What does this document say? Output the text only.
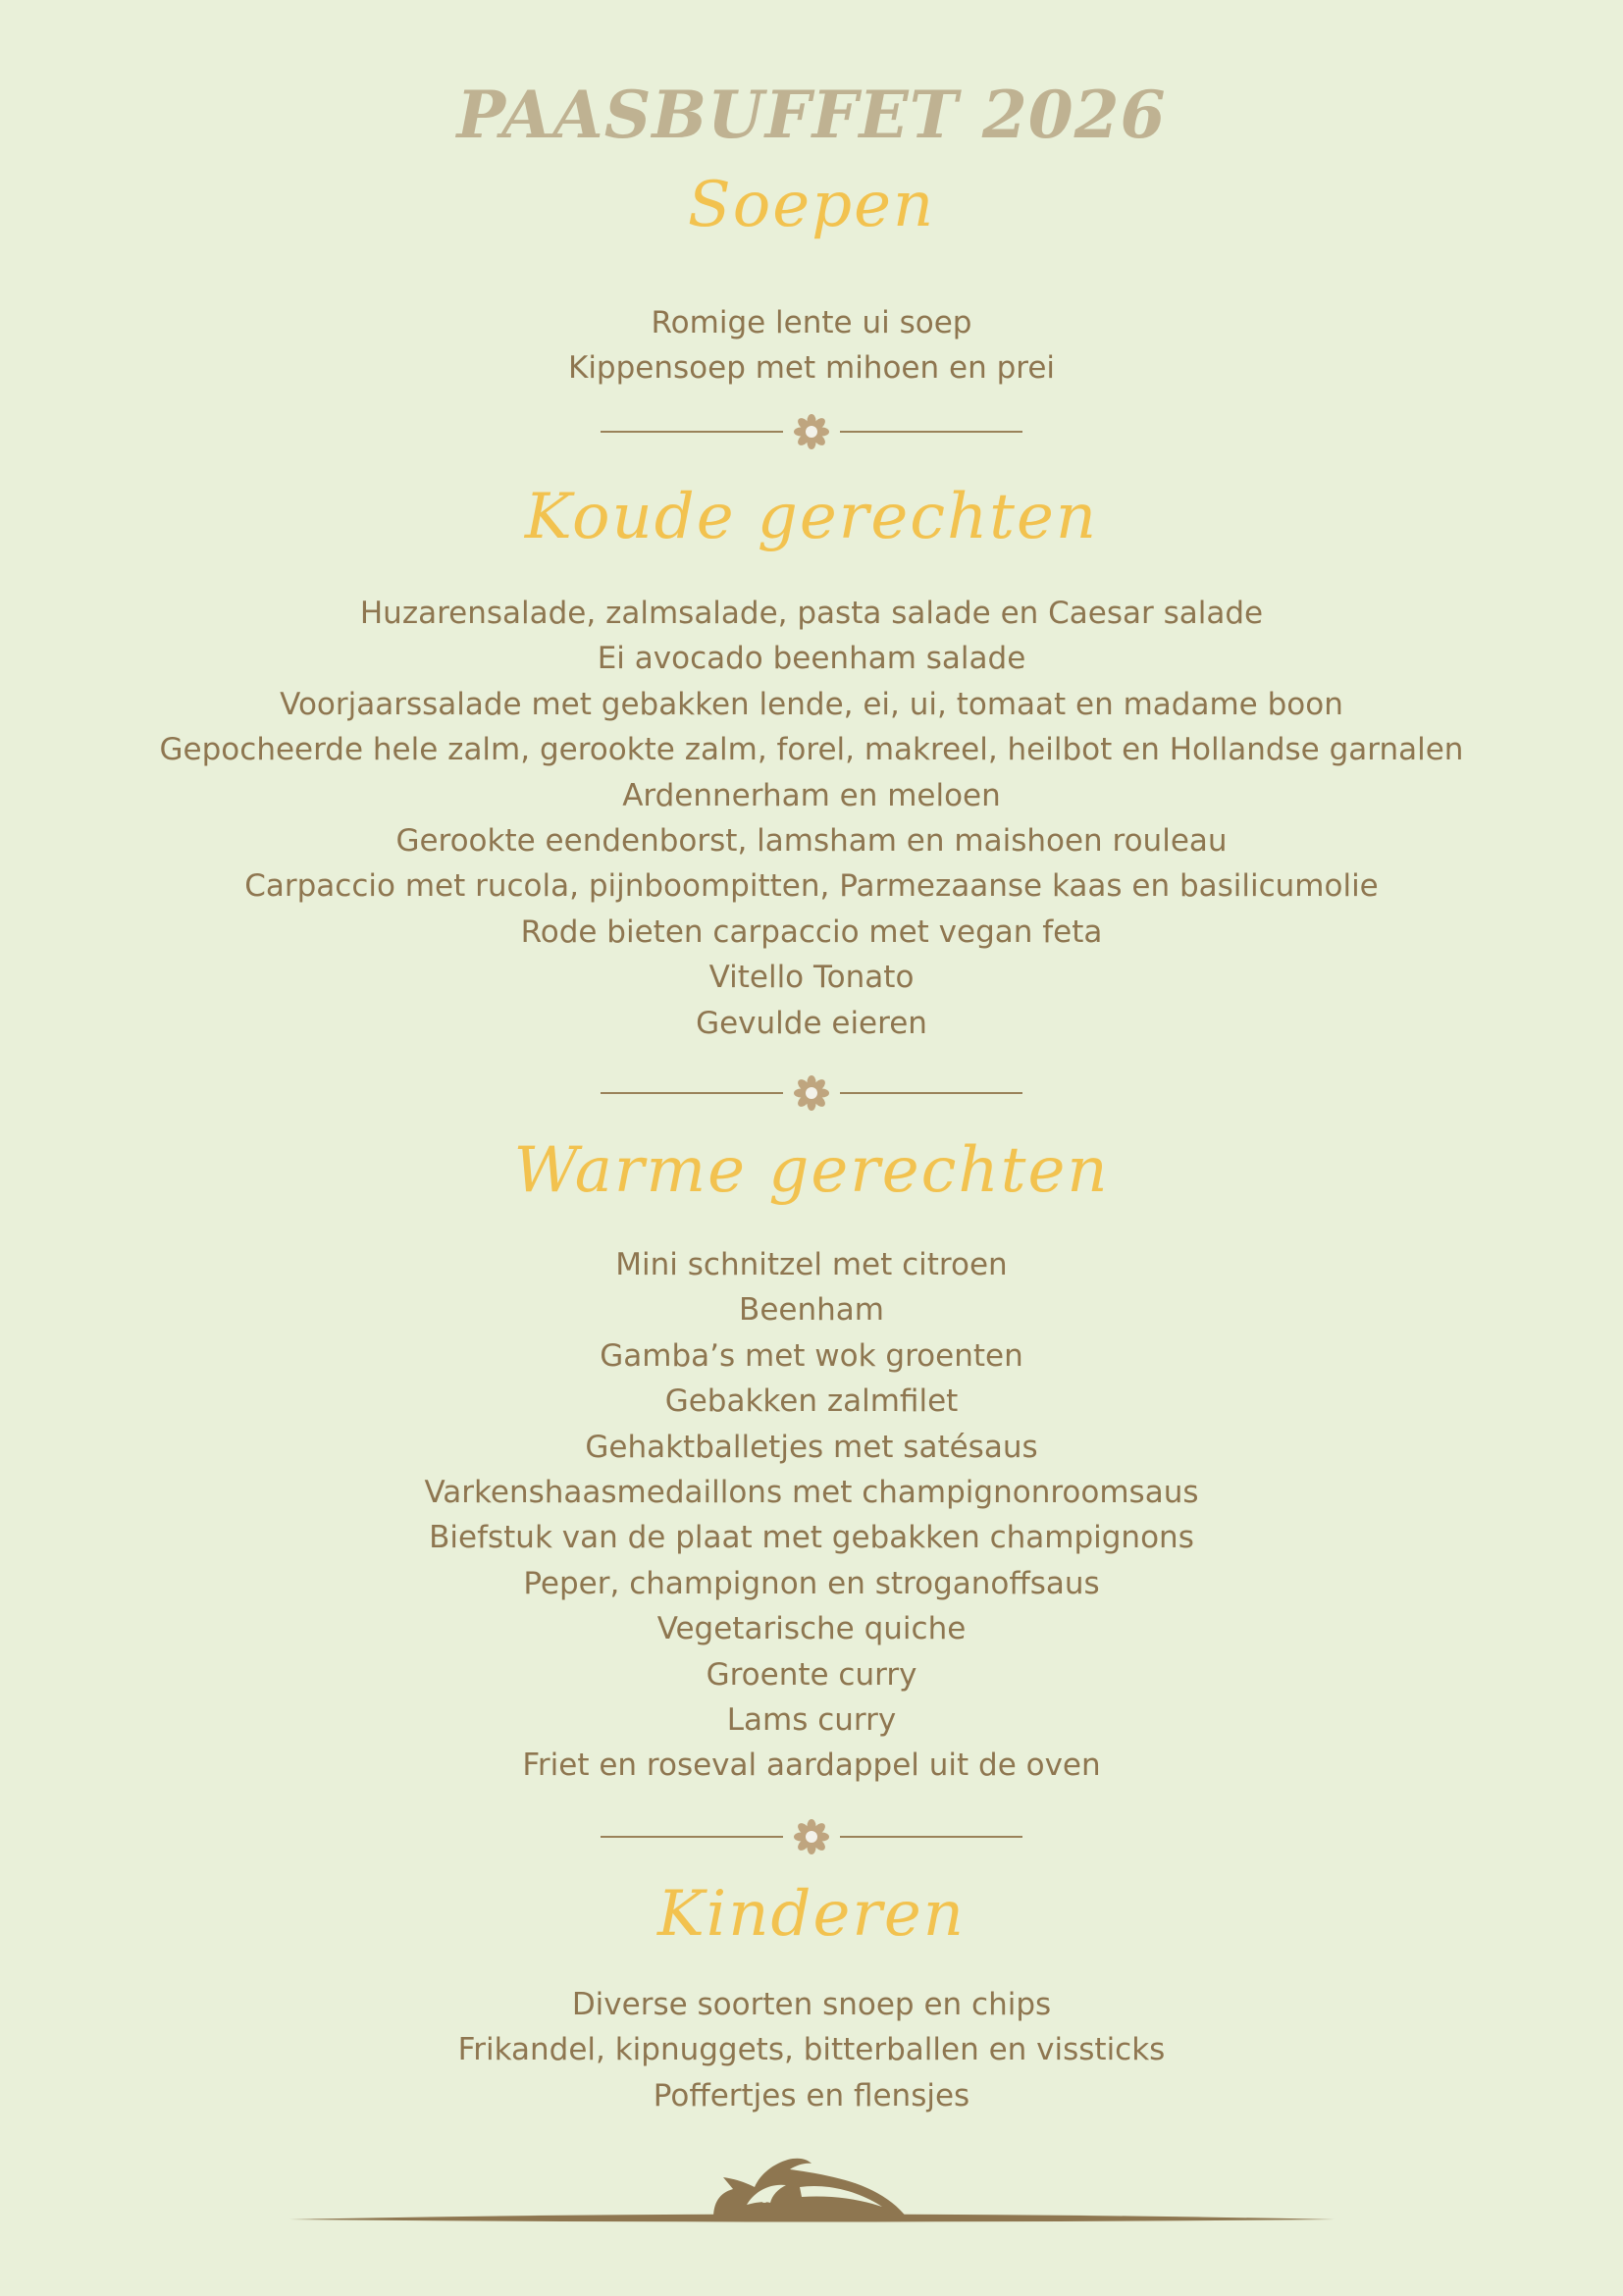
PAASBUFFET 2026
Soepen
Romige lente ui soep
Kippensoep met mihoen en prei
Koude gerechten
Huzarensalade, zalmsalade, pasta salade en Caesar salade
Ei avocado beenham salade
Voorjaarssalade met gebakken lende, ei, ui, tomaat en madame boon
Gepocheerde hele zalm, gerookte zalm, forel, makreel, heilbot en Hollandse garnalen
Ardennerham en meloen
Gerookte eendenborst, lamsham en maishoen rouleau
Carpaccio met rucola, pijnboompitten, Parmezaanse kaas en basilicumolie
Rode bieten carpaccio met vegan feta
Vitello Tonato
Gevulde eieren
Warme gerechten
Mini schnitzel met citroen
Beenham
Gamba’s met wok groenten
Gebakken zalmfilet
Gehaktballetjes met satésaus
Varkenshaasmedaillons met champignonroomsaus
Biefstuk van de plaat met gebakken champignons
Peper, champignon en stroganoffsaus
Vegetarische quiche
Groente curry
Lams curry
Friet en roseval aardappel uit de oven
Kinderen
Diverse soorten snoep en chips
Frikandel, kipnuggets, bitterballen en vissticks
Poffertjes en flensjes
